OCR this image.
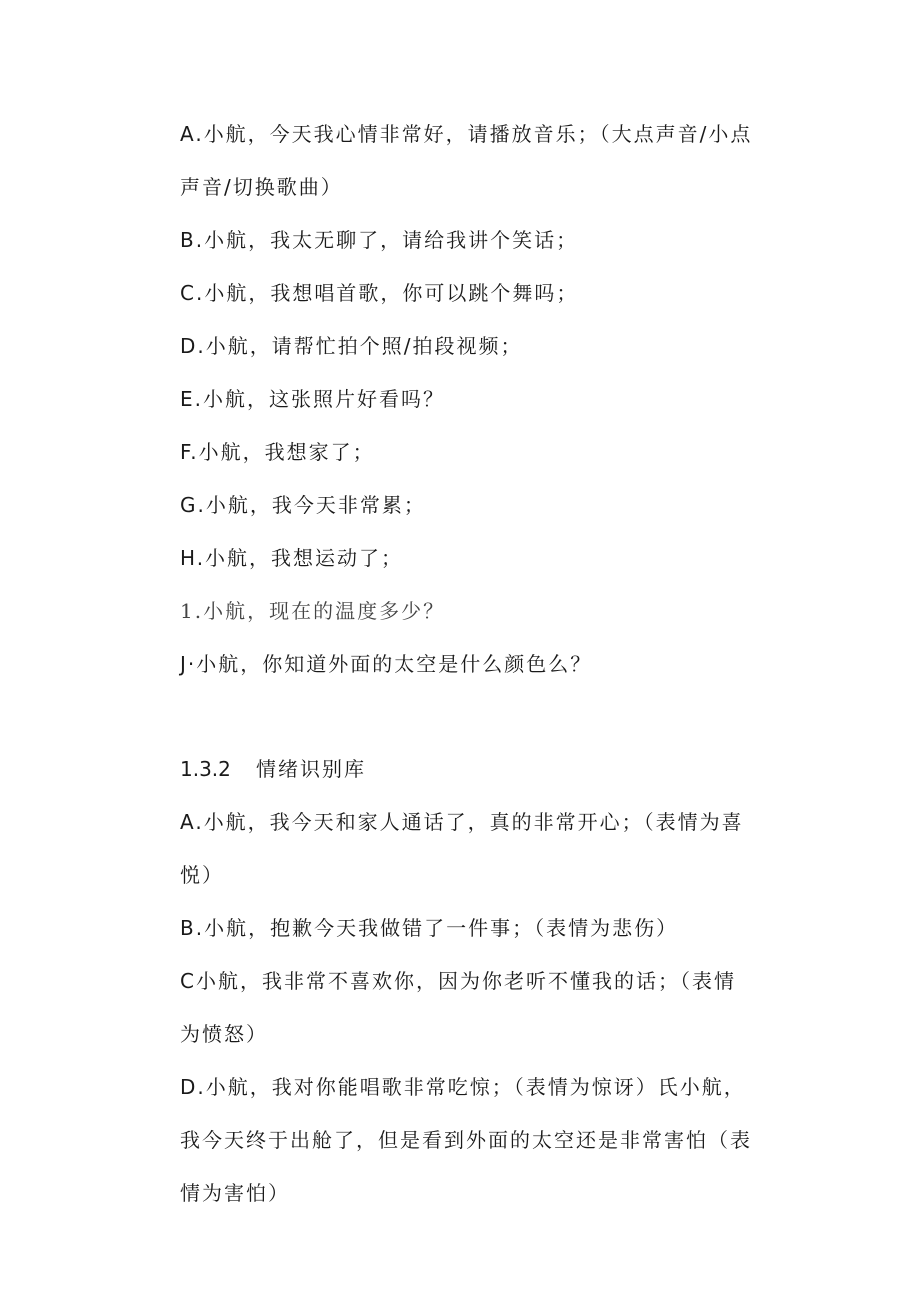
A.小航，今天我心情非常好，请播放音乐；（大点声音/小点
声音/切换歌曲）
B.小航，我太无聊了，请给我讲个笑话；
C.小航，我想唱首歌，你可以跳个舞吗；
D.小航，请帮忙拍个照/拍段视频；
E.小航，这张照片好看吗？
F.小航，我想家了；
G.小航，我今天非常累；
H.小航，我想运动了；
1.小航，现在的温度多少？
J·小航，你知道外面的太空是什么颜色么？
1.3.2 情绪识别库
A.小航，我今天和家人通话了，真的非常开心；（表情为喜
悦）
B.小航，抱歉今天我做错了一件事；（表情为悲伤）
C小航，我非常不喜欢你，因为你老听不懂我的话；（表情
为愤怒）
D.小航，我对你能唱歌非常吃惊；（表情为惊讶）氏小航，
我今天终于出舱了，但是看到外面的太空还是非常害怕（表
情为害怕）
